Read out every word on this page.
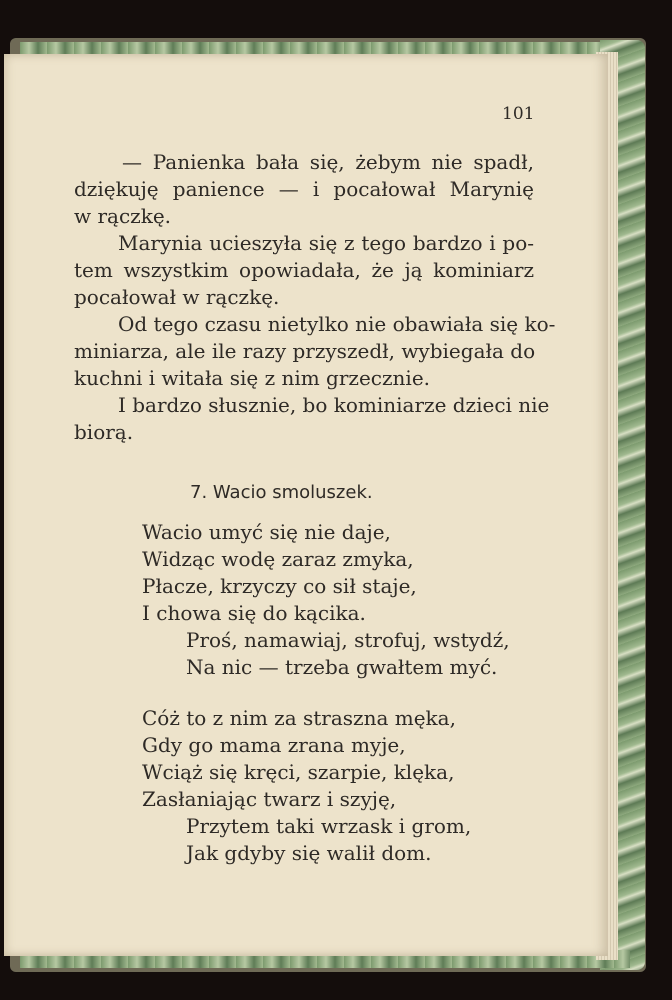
101
— Panienka bała się, żebym nie spadł,
dziękuję panience — i pocałował Marynię
w rączkę.
Marynia ucieszyła się z tego bardzo i po-
tem wszystkim opowiadała, że ją kominiarz
pocałował w rączkę.
Od tego czasu nietylko nie obawiała się ko-
miniarza, ale ile razy przyszedł, wybiegała do
kuchni i witała się z nim grzecznie.
I bardzo słusznie, bo kominiarze dzieci nie
biorą.
7. Wacio smoluszek.
Wacio umyć się nie daje,
Widząc wodę zaraz zmyka,
Płacze, krzyczy co sił staje,
I chowa się do kącika.
Proś, namawiaj, strofuj, wstydź,
Na nic — trzeba gwałtem myć.
Cóż to z nim za straszna męka,
Gdy go mama zrana myje,
Wciąż się kręci, szarpie, klęka,
Zasłaniając twarz i szyję,
Przytem taki wrzask i grom,
Jak gdyby się walił dom.
